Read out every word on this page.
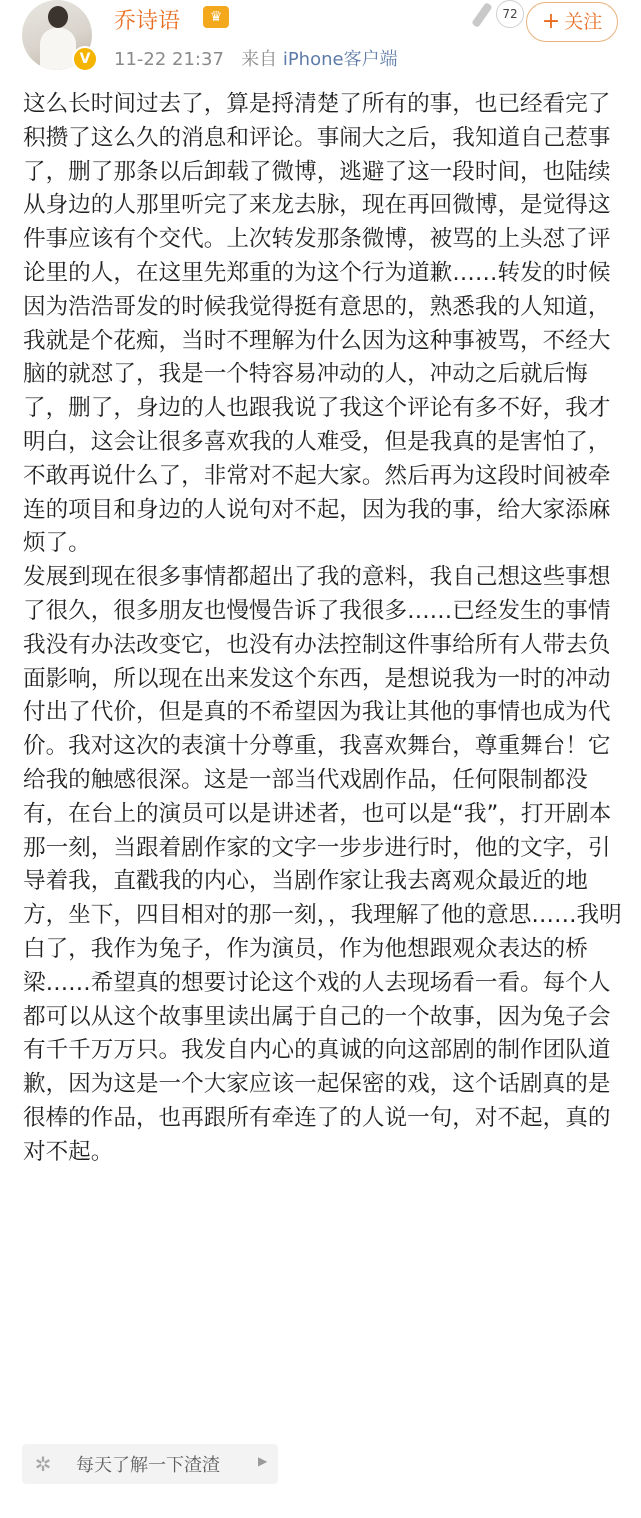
V
乔诗语	♛
11-22 21:37 来自 iPhone客户端
72	+ 关注

这么长时间过去了，算是捋清楚了所有的事，也已经看完了积攒了这么久的消息和评论。事闹大之后，我知道自己惹事了，删了那条以后卸载了微博，逃避了这一段时间，也陆续从身边的人那里听完了来龙去脉，现在再回微博，是觉得这件事应该有个交代。上次转发那条微博，被骂的上头怼了评论里的人，在这里先郑重的为这个行为道歉……转发的时候因为浩浩哥发的时候我觉得挺有意思的，熟悉我的人知道，我就是个花痴，当时不理解为什么因为这种事被骂，不经大脑的就怼了，我是一个特容易冲动的人，冲动之后就后悔了，删了，身边的人也跟我说了我这个评论有多不好，我才明白，这会让很多喜欢我的人难受，但是我真的是害怕了，不敢再说什么了，非常对不起大家。然后再为这段时间被牵连的项目和身边的人说句对不起，因为我的事，给大家添麻烦了。

发展到现在很多事情都超出了我的意料，我自己想这些事想了很久，很多朋友也慢慢告诉了我很多……已经发生的事情我没有办法改变它，也没有办法控制这件事给所有人带去负面影响，所以现在出来发这个东西，是想说我为一时的冲动付出了代价，但是真的不希望因为我让其他的事情也成为代价。我对这次的表演十分尊重，我喜欢舞台，尊重舞台！它给我的触感很深。这是一部当代戏剧作品，任何限制都没有，在台上的演员可以是讲述者，也可以是“我”，打开剧本那一刻，当跟着剧作家的文字一步步进行时，他的文字，引导着我，直戳我的内心，当剧作家让我去离观众最近的地方，坐下，四目相对的那一刻，，我理解了他的意思……我明白了，我作为兔子，作为演员，作为他想跟观众表达的桥梁……希望真的想要讨论这个戏的人去现场看一看。每个人都可以从这个故事里读出属于自己的一个故事，因为兔子会有千千万万只。我发自内心的真诚的向这部剧的制作团队道歉，因为这是一个大家应该一起保密的戏，这个话剧真的是很棒的作品，也再跟所有牵连了的人说一句，对不起，真的对不起。

✲ 每天了解一下渣渣	▶
